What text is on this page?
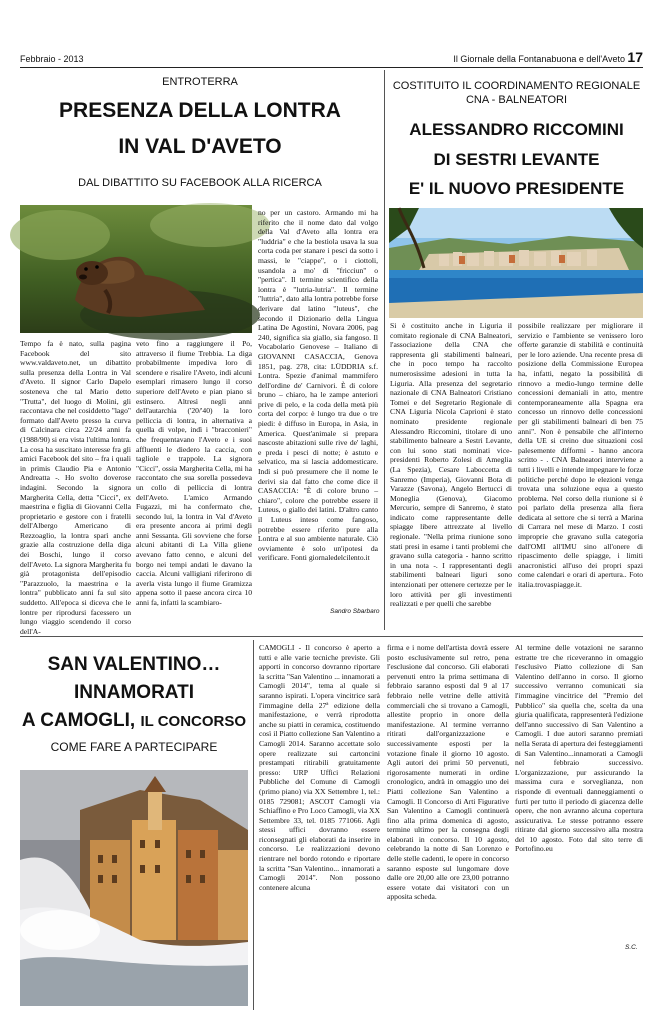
Febbraio - 2013	Il Giornale della Fontanabuona e dell'Aveto 17
ENTROTERRA
PRESENZA DELLA LONTRA
IN VAL D'AVETO
DAL DIBATTITO SU FACEBOOK ALLA RICERCA
Tempo fa è nato, sulla pagina Facebook del sito www.valdaveto.net, un dibattito sulla presenza della Lontra in Val d'Aveto. Il signor Carlo Dapelo sosteneva che tal Mario detto "Trutta", del luogo di Molini, gli raccontava che nel cosiddetto "lago" formato dall'Aveto presso la curva di Calcinara circa 22/24 anni fa (1988/90) si era vista l'ultima lontra. La cosa ha suscitato interesse fra gli amici Facebook del sito – fra i quali in primis Claudio Pia e Antonio Andreatta -. Ho svolto doverose indagini. Secondo la signora Margherita Cella, detta "Cicci", ex maestrina e figlia di Giovanni Cella proprietario e gestore con i fratelli dell'Albergo Americano di Rezzoaglio, la lontra sparì anche grazie alla costruzione della diga dei Boschi, lungo il corso dell'Aveto. La signora Margherita fu già protagonista dell'episodio "Parazzuolo, la maestrina e la lontra" pubblicato anni fa sul sito suddetto. All'epoca si diceva che le lontre per riprodursi facessero un lungo viaggio scendendo il corso dell'A-
veto fino a raggiungere il Po, attraverso il fiume Trebbia. La diga probabilmente impediva loro di scendere e risalire l'Aveto, indi alcuni esemplari rimasero lungo il corso superiore dell'Aveto e pian piano si estinsero. Altresì negli anni dell'autarchia ('20/'40) la loro pelliccia di lontra, in alternativa a quella di volpe, indì i "bracconieri" che frequentavano l'Aveto e i suoi affluenti le diedero la caccia, con tagliole e trappole. La signora "Cicci", ossia Margherita Cella, mi ha raccontato che sua sorella possedeva un collo di pelliccia di lontra dell'Aveto. L'amico Armando Fugazzi, mi ha confermato che, secondo lui, la lontra in Val d'Aveto era presente ancora ai primi degli anni Sessanta. Gli sovviene che forse alcuni abitanti di La Villa gliene avevano fatto cenno, e alcuni del borgo nei tempi andati le davano la caccia. Alcuni valligiani riferirono di averla vista lungo il fiume Gramizza appena sotto il paese ancora circa 10 anni fa, infatti la scambiaro-
no per un castoro. Armando mi ha riferito che il nome dato dal volgo della Val d'Aveto alla lontra era "luddria" e che la bestiola usava la sua corta coda per stanare i pesci da sotto i massi, le "ciappe", o i ciottoli, usandola a mo' di "fricciun" o "pertica". Il termine scientifico della lontra è "lutria-lutria". Il termine "luttria", dato alla lontra potrebbe forse derivare dal latino "luteus", che secondo il Dizionario della Lingua Latina De Agostini, Novara 2006, pag 240, significa sia giallo, sia fangoso. Il Vocabolario Genovese – Italiano di GIOVANNI CASACCIA, Genova 1851, pag. 278, cita: LÜDDRIA s.f. Lontra. Spezie d'animal mammifero dell'ordine de' Carnivori. È di colore bruno – chiaro, ha le zampe anteriori prive di pelo, e la coda della metà più corta del corpo: è lungo tra due o tre piedi: è diffuso in Europa, in Asia, in America. Quest'animale si prepara nascoste abitazioni sulle rive de' laghi, e preda i pesci di notte; è astuto e selvatico, ma si lascia addomesticare. Indi si può presumere che il nome le derivi sia dal fatto che come dice il CASACCIA: "È di colore bruno – chiaro", colore che potrebbe essere il Luteus, o giallo dei latini. D'altro canto il Luteus inteso come fangoso, potrebbe essere riferito pure alla Lontra e al suo ambiente naturale. Ciò ovviamente è solo un'ipotesi da verificare. Fonti giornaledelcilento.it
Sandro Sbarbaro
COSTITUITO IL COORDINAMENTO REGIONALE
CNA - BALNEATORI
ALESSANDRO RICCOMINI
DI SESTRI LEVANTE
E' IL NUOVO PRESIDENTE
Si è costituito anche in Liguria il comitato regionale di CNA Balneatori, l'associazione della CNA che rappresenta gli stabilimenti balneari, che in poco tempo ha raccolto numerosissime adesioni in tutta la Liguria. Alla presenza del segretario nazionale di CNA Balneatori Cristiano Tomei e del Segretario Regionale di CNA Liguria Nicola Caprioni è stato nominato presidente regionale Alessandro Riccomini, titolare di uno stabilimento balneare a Sestri Levante, con lui sono stati nominati vice-presidenti Roberto Zolesi di Ameglia (La Spezia), Cesare Laboccetta di Sanremo (Imperia), Giovanni Bota di Varazze (Savona), Angelo Bertucci di Moneglia (Genova), Giacomo Mercurio, sempre di Sanremo, è stato indicato come rappresentante delle spiagge libere attrezzate al livello regionale. "Nella prima riunione sono stati presi in esame i tanti problemi che gravano sulla categoria - hanno scritto in una nota -. I rappresentanti degli stabilimenti balneari liguri sono intenzionati per ottenere certezze per le loro attività per gli investimenti realizzati e per quelli che sarebbe
possibile realizzare per migliorare il servizio e l'ambiente se venissero loro offerte garanzie di stabilità e continuità per le loro aziende. Una recente presa di posizione della Commissione Europea ha, infatti, negato la possibilità di rinnovo a medio-lungo termine delle concessioni demaniali in atto, mentre contemporaneamente alla Spagna era concesso un rinnovo delle concessioni per gli stabilimenti balneari di ben 75 anni". Non è pensabile che all'interno della UE si creino due situazioni così palesemente difformi - hanno ancora scritto - . CNA Balneatori interviene a tutti i livelli e intende impegnare le forze politiche perché dopo le elezioni venga trovata una soluzione equa a questo problema. Nel corso della riunione si è poi parlato della presenza alla fiera dedicata al settore che si terrà a Marina di Carrara nel mese di Marzo. I costi improprie che gravano sulla categoria dall'OMI all'IMU sino all'onere di ripascimento delle spiagge, i limiti anacronistici all'uso dei propri spazi come calendari e orari di apertura.. Foto italia.trovaspiagge.it.
SAN VALENTINO…
INNAMORATI
A CAMOGLI, IL CONCORSO
COME FARE A PARTECIPARE
CAMOGLI - Il concorso è aperto a tutti e alle varie tecniche previste. Gli apporti in concorso dovranno riportare la scritta "San Valentino ... innamorati a Camogli 2014", tema al quale si saranno ispirati. L'opera vincitrice sarà l'immagine della 27ª edizione della manifestazione, e verrà riprodotta anche su piatti in ceramica, costituendo così il Piatto collezione San Valentino a Camogli 2014. Saranno accettate solo opere realizzate sui cartoncini prestampati ritirabili gratuitamente presso: URP Uffici Relazioni Pubbliche del Comune di Camogli (primo piano) via XX Settembre 1, tel.: 0185 729081; ASCOT Camogli via Schiaffino e Pro Loco Camogli, via XX Settembre 33, tel. 0185 771066. Agli stessi uffici dovranno essere riconsegnati gli elaborati da inserire in concorso. Le realizzazioni devono rientrare nel bordo rotondo e riportare la scritta "San Valentino... innamorati a Camogli 2014". Non possono contenere alcuna
firma e i nome dell'artista dovrà essere posto esclusivamente sul retro, pena l'esclusione dal concorso. Gli elaborati pervenuti entro la prima settimana di febbraio saranno esposti dal 9 al 17 febbraio nelle vetrine delle attività commerciali che si trovano a Camogli, allestite proprio in onore della manifestazione. Al termine verranno ritirati dall'organizzazione e successivamente esposti per la votazione finale il giorno 10 agosto. Agli autori dei primi 50 pervenuti, rigorosamente numerati in ordine cronologico, andrà in omaggio uno dei Piatti collezione San Valentino a Camogli. Il Concorso di Arti Figurative San Valentino a Camogli continuerà fino alla prima domenica di agosto, termine ultimo per la consegna degli elaborati in concorso. Il 10 agosto, celebrando la notte di San Lorenzo e delle stelle cadenti, le opere in concorso saranno esposte sul lungomare dove dalle ore 20,00 alle ore 23,00 potranno essere votate dai visitatori con un apposita scheda.
Al termine delle votazioni ne saranno estratte tre che riceveranno in omaggio l'esclusivo Piatto collezione di San Valentino dell'anno in corso. Il giorno successivo verranno comunicati sia l'immagine vincitrice del "Premio del Pubblico" sia quella che, scelta da una giuria qualificata, rappresenterà l'edizione dell'anno successivo di San Valentino a Camogli. I due autori saranno premiati nella Serata di apertura dei festeggiamenti di San Valentino...innamorati a Camogli nel febbraio successivo. L'organizzazione, pur assicurando la massima cura e sorveglianza, non risponde di eventuali danneggiamenti o furti per tutto il periodo di giacenza delle opere, che non avranno alcuna copertura assicurativa. Le stesse potranno essere ritirate dal giorno successivo alla mostra del 10 agosto. Foto dal sito terre di Portofino.eu
S.C.
